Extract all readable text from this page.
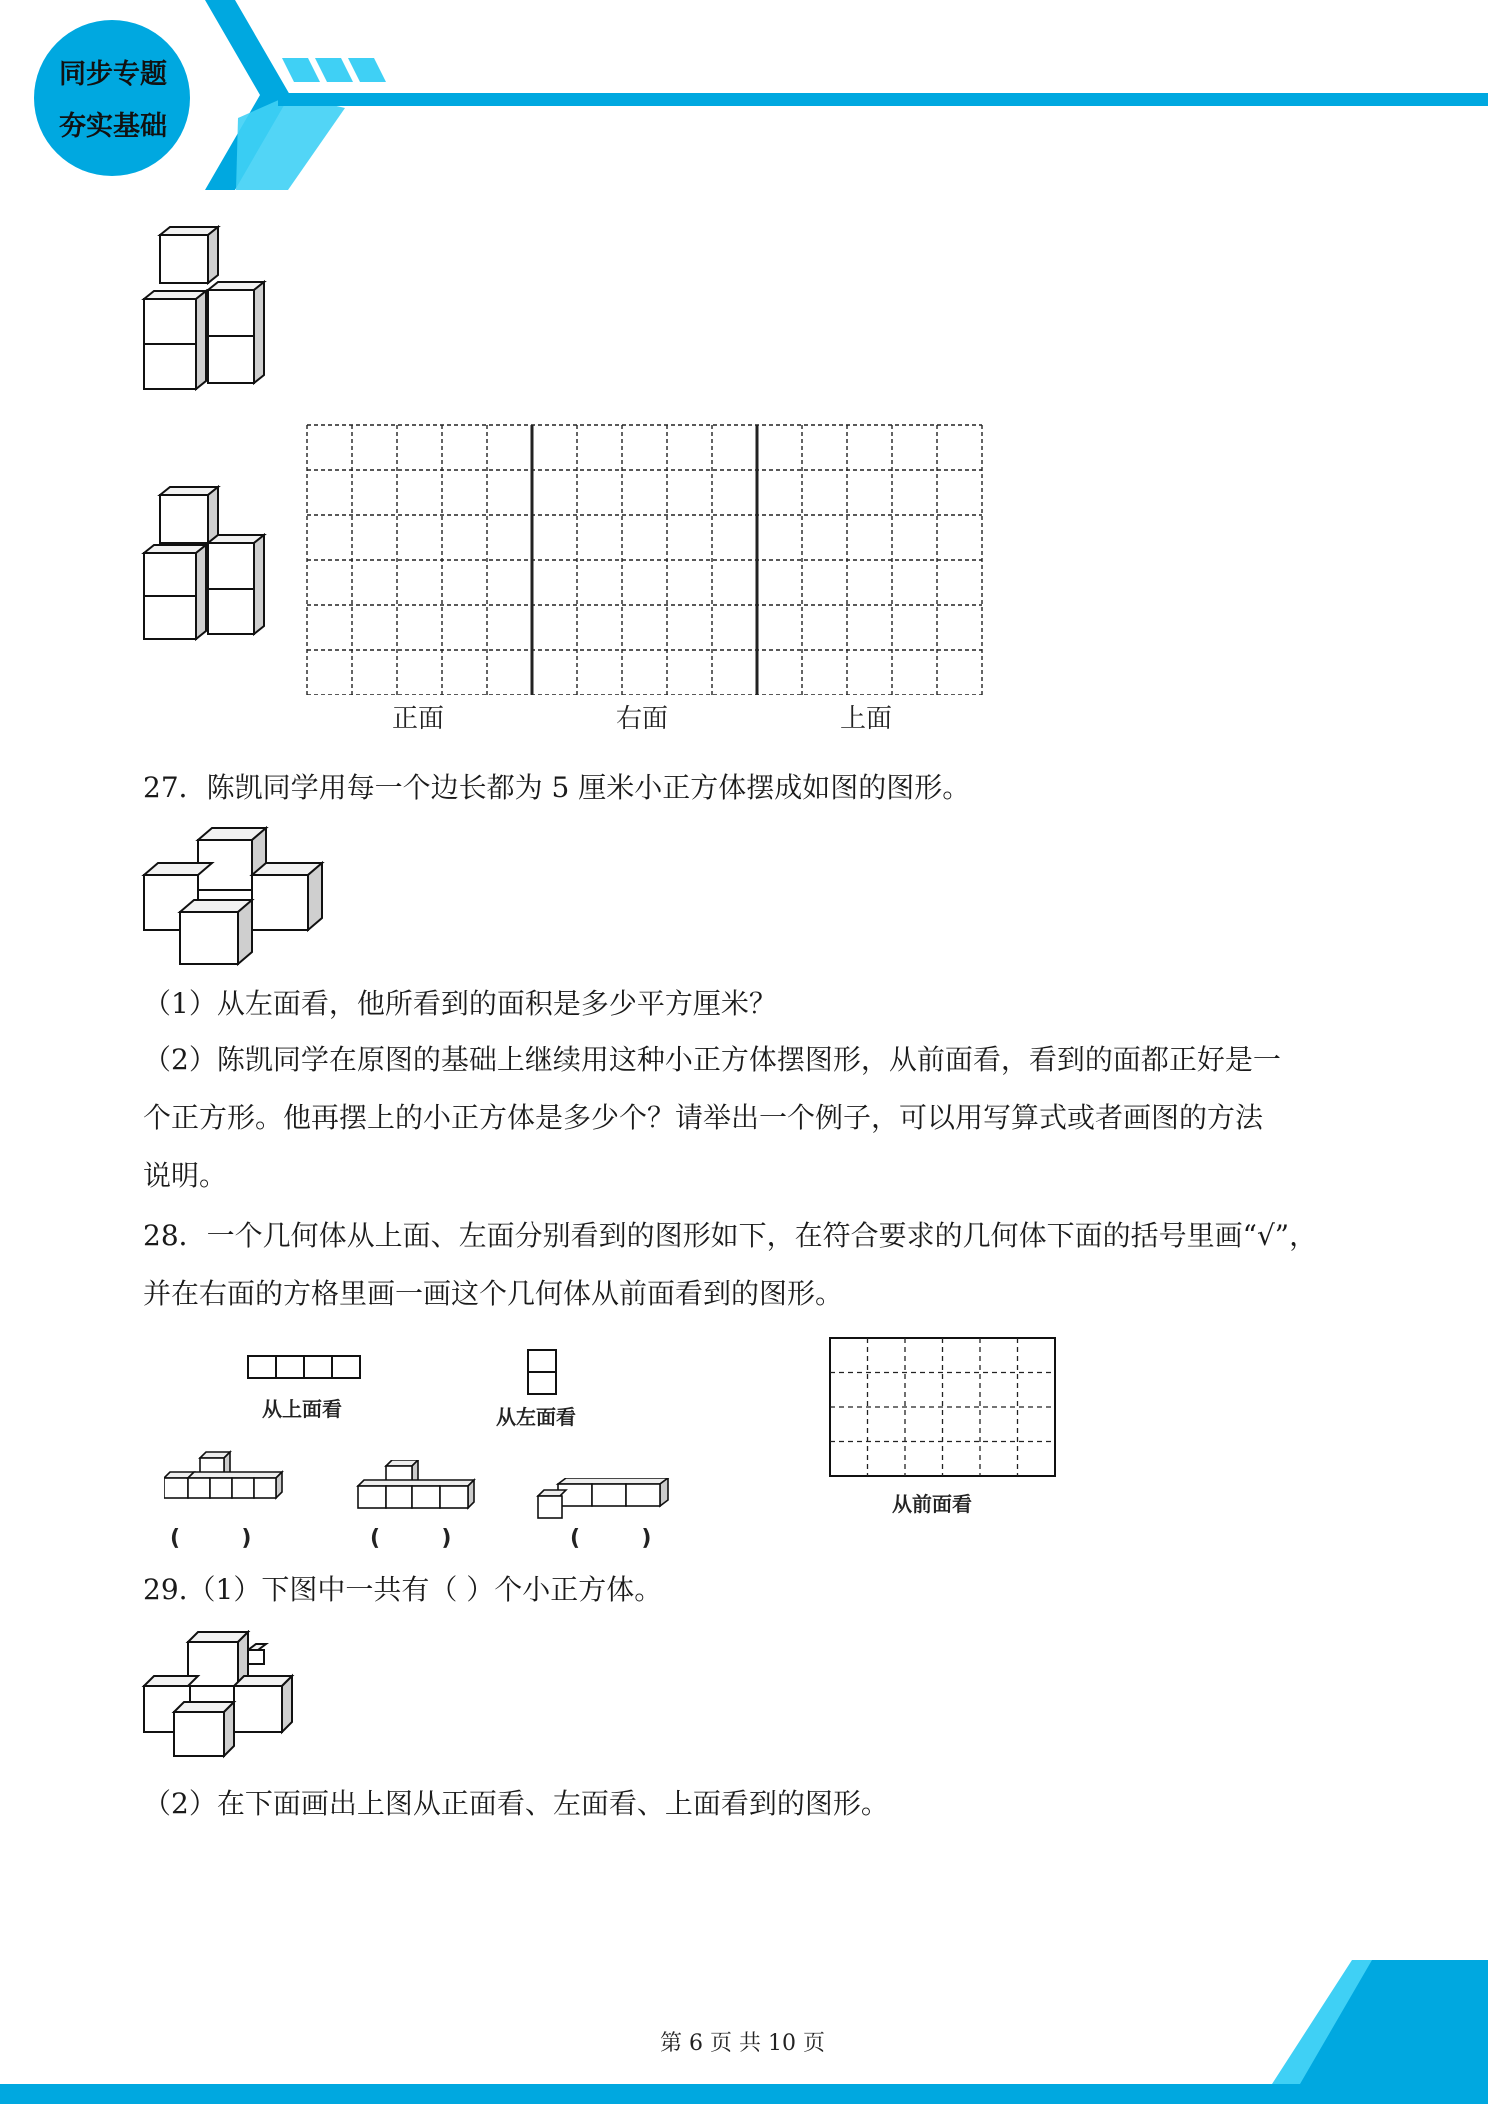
同步专题
夯实基础
正面	右面	上面
27．陈凯同学用每一个边长都为 5 厘米小正方体摆成如图的图形。
（1）从左面看，他所看到的面积是多少平方厘米？
（2）陈凯同学在原图的基础上继续用这种小正方体摆图形，从前面看，看到的面都正好是一
个正方形。他再摆上的小正方体是多少个？请举出一个例子，可以用写算式或者画图的方法
说明。
28．一个几何体从上面、左面分别看到的图形如下，在符合要求的几何体下面的括号里画“√”，
并在右面的方格里画一画这个几何体从前面看到的图形。
从上面看	从左面看
(        )	(        )	(        )
从前面看
29.（1）下图中一共有（ ）个小正方体。
（2）在下面画出上图从正面看、左面看、上面看到的图形。
第 6 页 共 10 页
